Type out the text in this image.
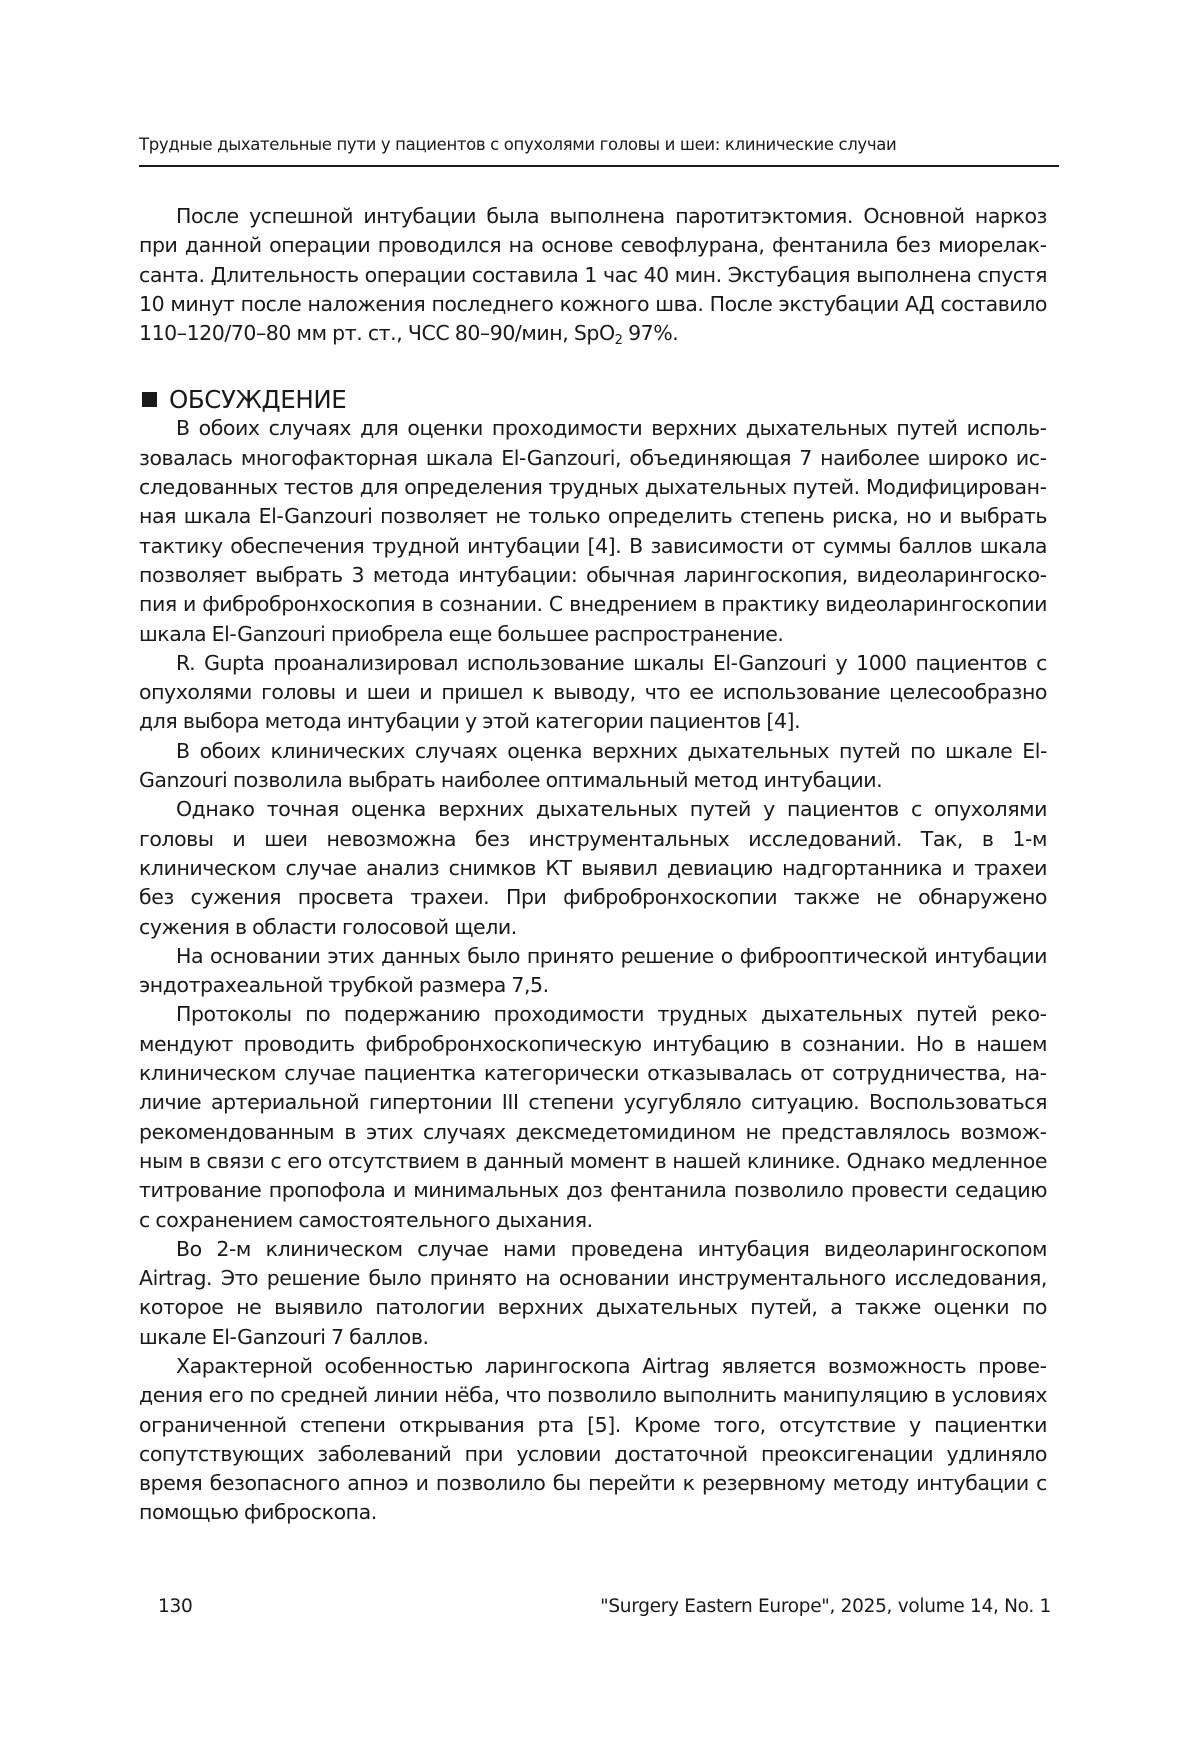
Трудные дыхательные пути у пациентов с опухолями головы и шеи: клинические случаи

После успешной интубации была выполнена паротитэктомия. Основной наркоз при данной операции проводился на основе севофлурана, фентанила без миорелаксанта. Длительность операции составила 1 час 40 мин. Экстубация выполнена спустя 10 минут после наложения последнего кожного шва. После экстубации АД составило 110–120/70–80 мм рт. ст., ЧСС 80–90/мин, SpO$_2$ 97%.

ОБСУЖДЕНИЕ

В обоих случаях для оценки проходимости верхних дыхательных путей использовалась многофакторная шкала El-Ganzouri, объединяющая 7 наиболее широко исследованных тестов для определения трудных дыхательных путей. Модифицированная шкала El-Ganzouri позволяет не только определить степень риска, но и выбрать тактику обеспечения трудной интубации [4]. В зависимости от суммы баллов шкала позволяет выбрать 3 метода интубации: обычная ларингоскопия, видеоларингоскопия и фибробронхоскопия в сознании. С внедрением в практику видеоларингоскопии шкала El-Ganzouri приобрела еще большее распространение.

R. Gupta проанализировал использование шкалы El-Ganzouri у 1000 пациентов с опухолями головы и шеи и пришел к выводу, что ее использование целесообразно для выбора метода интубации у этой категории пациентов [4].

В обоих клинических случаях оценка верхних дыхательных путей по шкале El-Ganzouri позволила выбрать наиболее оптимальный метод интубации.

Однако точная оценка верхних дыхательных путей у пациентов с опухолями головы и шеи невозможна без инструментальных исследований. Так, в 1-м клиническом случае анализ снимков КТ выявил девиацию надгортанника и трахеи без сужения просвета трахеи. При фибробронхоскопии также не обнаружено сужения в области голосовой щели.

На основании этих данных было принято решение о фиброоптической интубации эндотрахеальной трубкой размера 7,5.

Протоколы по подержанию проходимости трудных дыхательных путей рекомендуют проводить фибробронхоскопическую интубацию в сознании. Но в нашем клиническом случае пациентка категорически отказывалась от сотрудничества, наличие артериальной гипертонии III степени усугубляло ситуацию. Воспользоваться рекомендованным в этих случаях дексмедетомидином не представлялось возможным в связи с его отсутствием в данный момент в нашей клинике. Однако медленное титрование пропофола и минимальных доз фентанила позволило провести седацию с сохранением самостоятельного дыхания.

Во 2-м клиническом случае нами проведена интубация видеоларингоскопом Airtrag. Это решение было принято на основании инструментального исследования, которое не выявило патологии верхних дыхательных путей, а также оценки по шкале El-Ganzouri 7 баллов.

Характерной особенностью ларингоскопа Airtrag является возможность проведения его по средней линии нёба, что позволило выполнить манипуляцию в условиях ограниченной степени открывания рта [5]. Кроме того, отсутствие у пациентки сопутствующих заболеваний при условии достаточной преоксигенации удлиняло время безопасного апноэ и позволило бы перейти к резервному методу интубации с помощью фиброскопа.

130	"Surgery Eastern Europe", 2025, volume 14, No. 1
